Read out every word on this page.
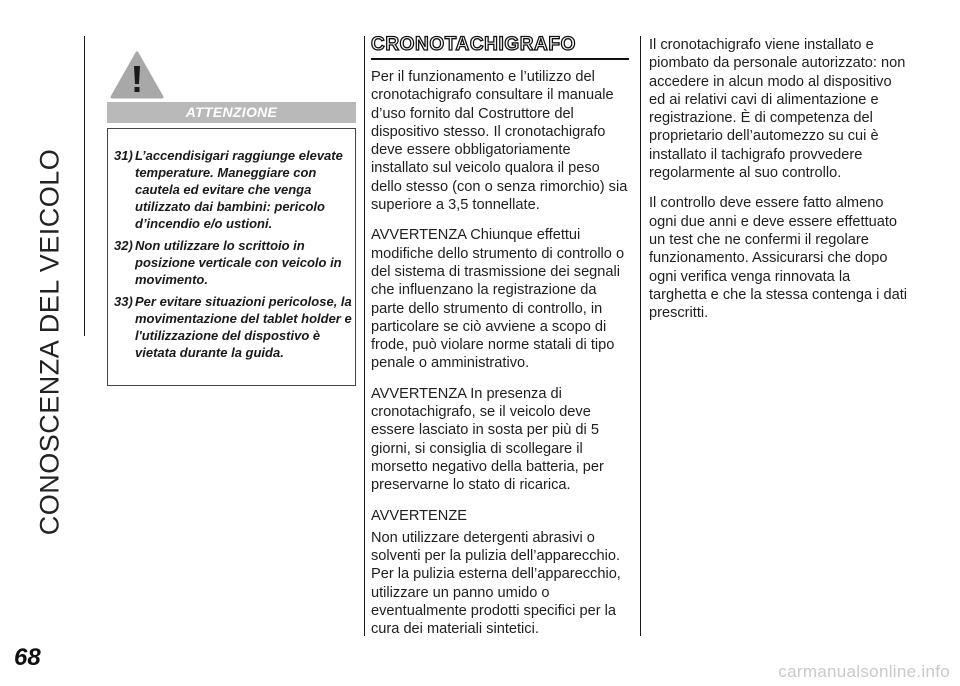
CONOSCENZA DEL VEICOLO
ATTENZIONE
31) L’accendisigari raggiunge elevate temperature. Maneggiare con cautela ed evitare che venga utilizzato dai bambini: pericolo d’incendio e/o ustioni.
32) Non utilizzare lo scrittoio in posizione verticale con veicolo in movimento.
33) Per evitare situazioni pericolose, la movimentazione del tablet holder e l'utilizzazione del dispostivo è vietata durante la guida.
CRONOTACHIGRAFO

Per il funzionamento e l’utilizzo del cronotachigrafo consultare il manuale d’uso fornito dal Costruttore del dispositivo stesso. Il cronotachigrafo deve essere obbligatoriamente installato sul veicolo qualora il peso dello stesso (con o senza rimorchio) sia superiore a 3,5 tonnellate.

AVVERTENZA Chiunque effettui modifiche dello strumento di controllo o del sistema di trasmissione dei segnali che influenzano la registrazione da parte dello strumento di controllo, in particolare se ciò avviene a scopo di frode, può violare norme statali di tipo penale o amministrativo.

AVVERTENZA In presenza di cronotachigrafo, se il veicolo deve essere lasciato in sosta per più di 5 giorni, si consiglia di scollegare il morsetto negativo della batteria, per preservarne lo stato di ricarica.

AVVERTENZE

Non utilizzare detergenti abrasivi o solventi per la pulizia dell’apparecchio. Per la pulizia esterna dell’apparecchio, utilizzare un panno umido o eventualmente prodotti specifici per la cura dei materiali sintetici.

Il cronotachigrafo viene installato e piombato da personale autorizzato: non accedere in alcun modo al dispositivo ed ai relativi cavi di alimentazione e registrazione. È di competenza del proprietario dell’automezzo su cui è installato il tachigrafo provvedere regolarmente al suo controllo.

Il controllo deve essere fatto almeno ogni due anni e deve essere effettuato un test che ne confermi il regolare funzionamento. Assicurarsi che dopo ogni verifica venga rinnovata la targhetta e che la stessa contenga i dati prescritti.

68
carmanualsonline.info
